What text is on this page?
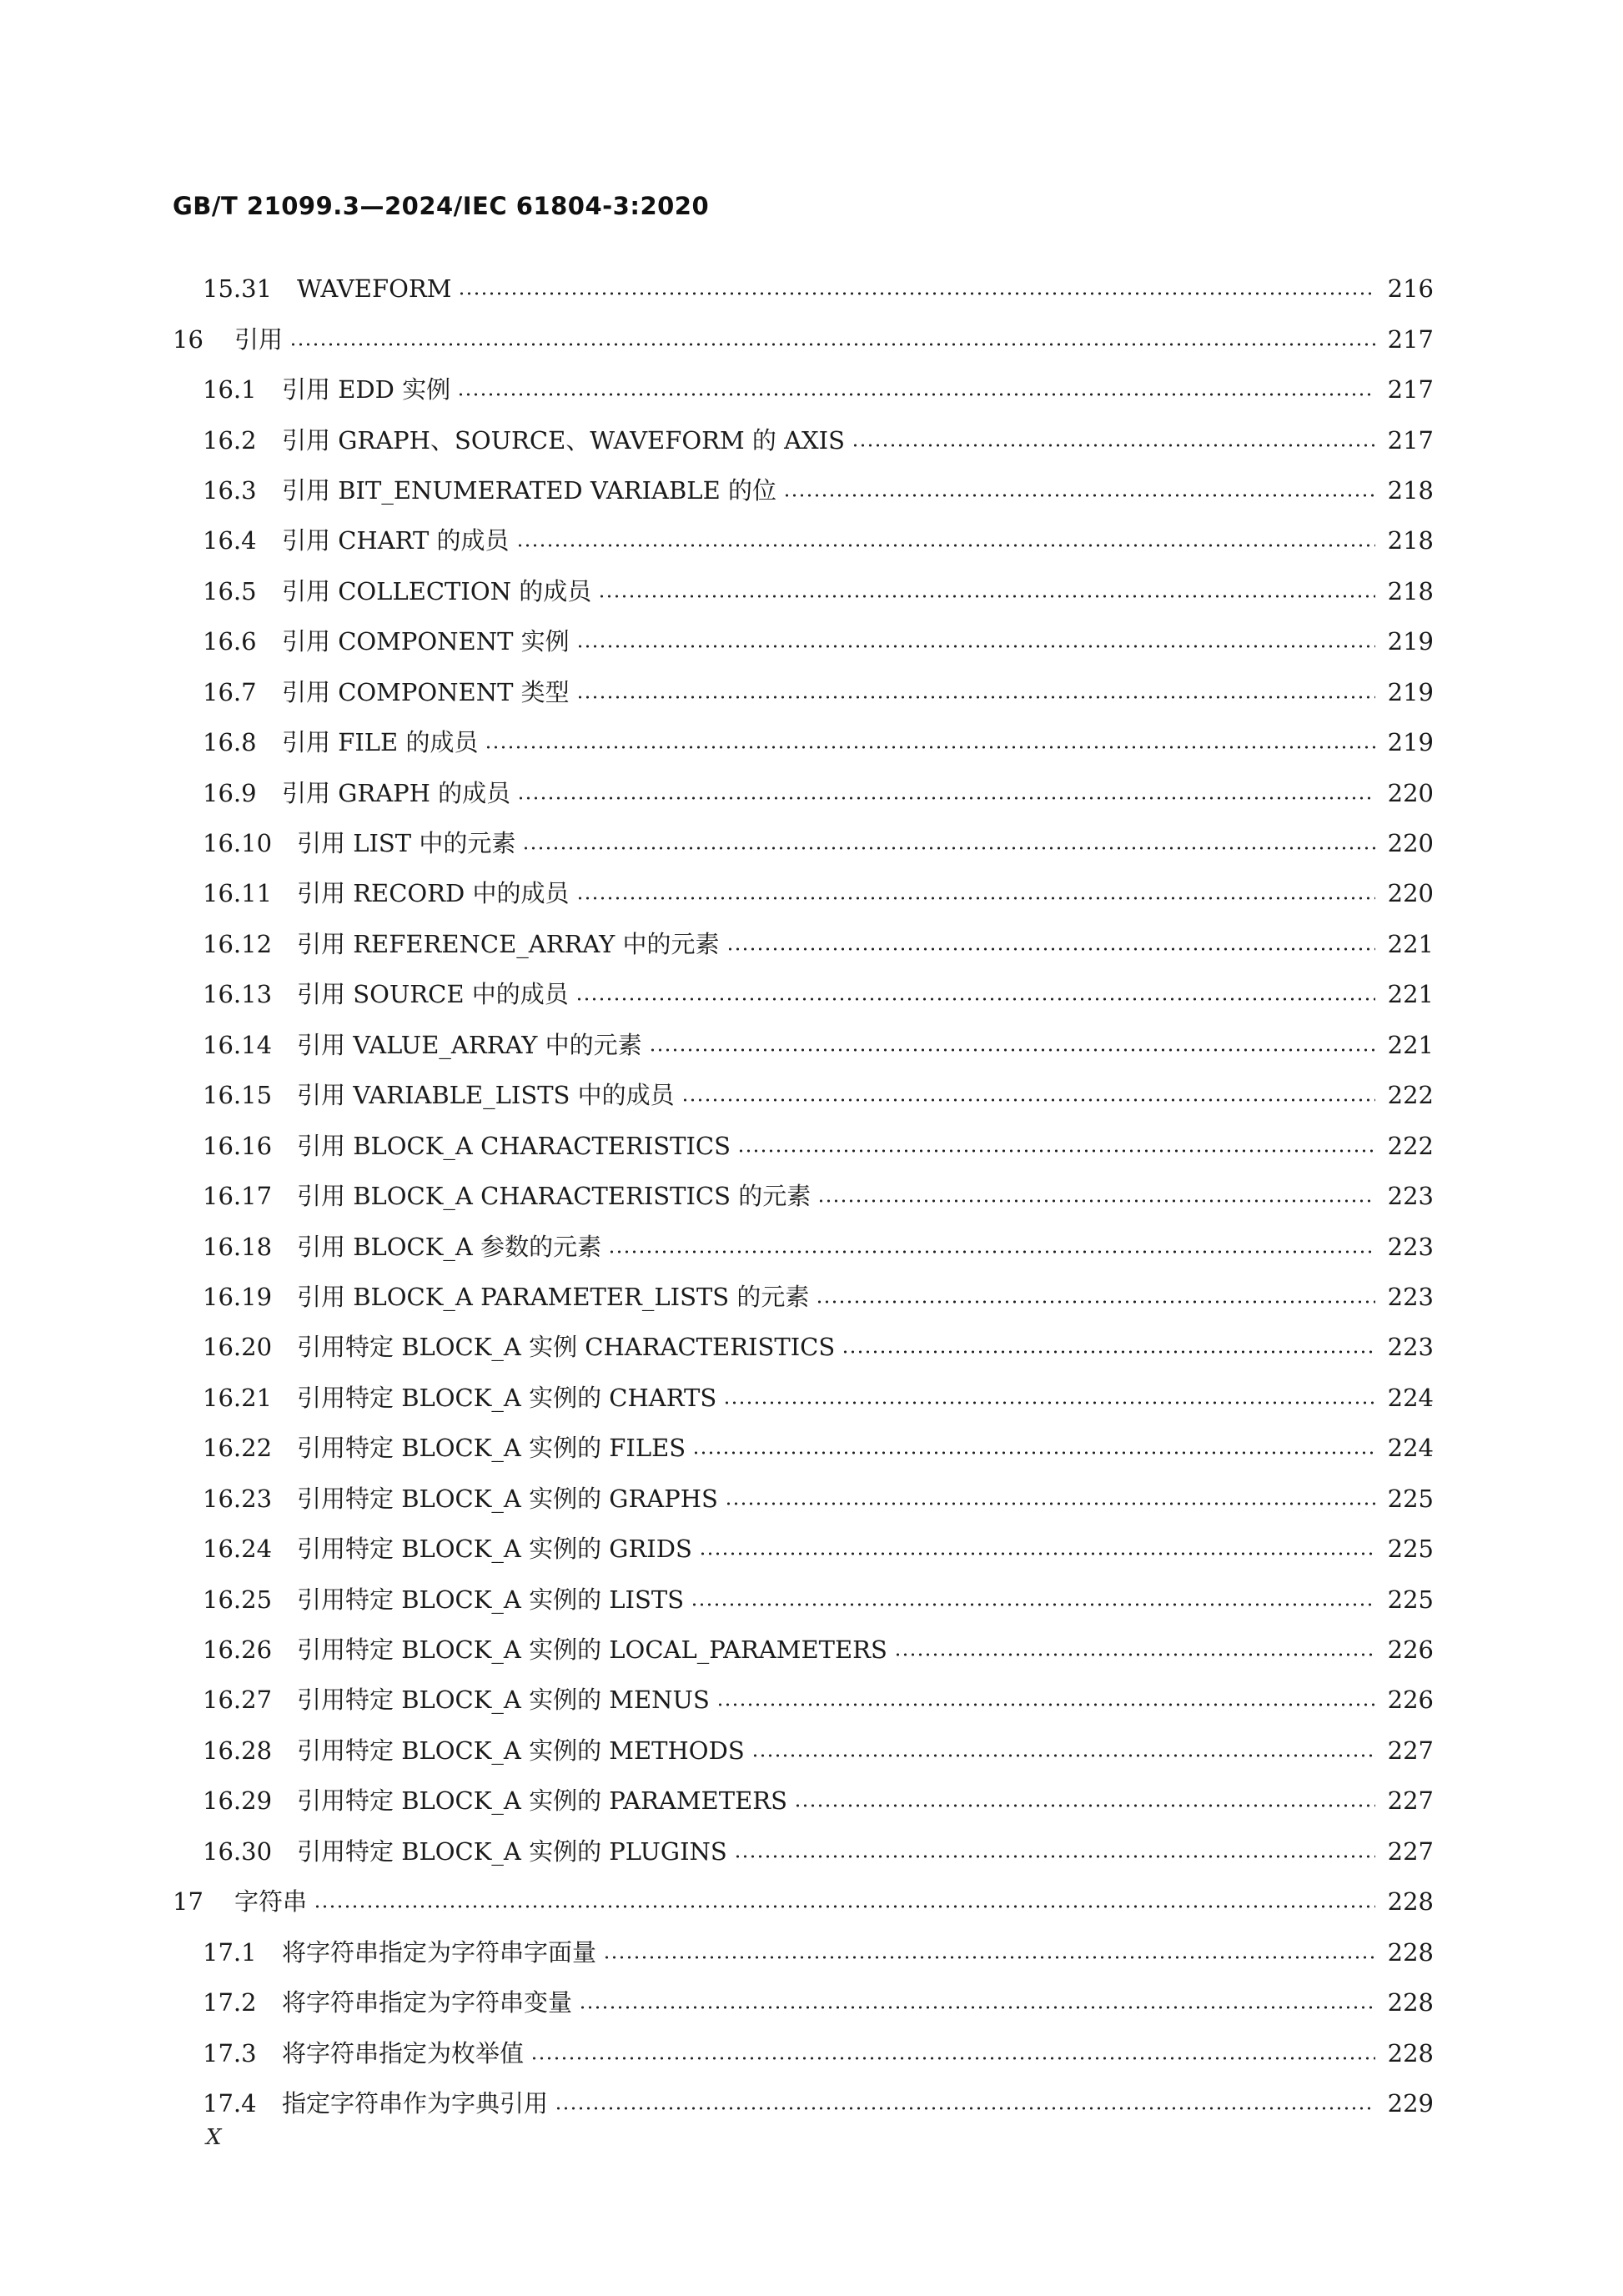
GB/T 21099.3—2024/IEC 61804-3:2020
15.31	WAVEFORM	216
16	引用	217
16.1	引用 EDD 实例	217
16.2	引用 GRAPH、SOURCE、WAVEFORM 的 AXIS	217
16.3	引用 BIT_ENUMERATED VARIABLE 的位	218
16.4	引用 CHART 的成员	218
16.5	引用 COLLECTION 的成员	218
16.6	引用 COMPONENT 实例	219
16.7	引用 COMPONENT 类型	219
16.8	引用 FILE 的成员	219
16.9	引用 GRAPH 的成员	220
16.10	引用 LIST 中的元素	220
16.11	引用 RECORD 中的成员	220
16.12	引用 REFERENCE_ARRAY 中的元素	221
16.13	引用 SOURCE 中的成员	221
16.14	引用 VALUE_ARRAY 中的元素	221
16.15	引用 VARIABLE_LISTS 中的成员	222
16.16	引用 BLOCK_A CHARACTERISTICS	222
16.17	引用 BLOCK_A CHARACTERISTICS 的元素	223
16.18	引用 BLOCK_A 参数的元素	223
16.19	引用 BLOCK_A PARAMETER_LISTS 的元素	223
16.20	引用特定 BLOCK_A 实例 CHARACTERISTICS	223
16.21	引用特定 BLOCK_A 实例的 CHARTS	224
16.22	引用特定 BLOCK_A 实例的 FILES	224
16.23	引用特定 BLOCK_A 实例的 GRAPHS	225
16.24	引用特定 BLOCK_A 实例的 GRIDS	225
16.25	引用特定 BLOCK_A 实例的 LISTS	225
16.26	引用特定 BLOCK_A 实例的 LOCAL_PARAMETERS	226
16.27	引用特定 BLOCK_A 实例的 MENUS	226
16.28	引用特定 BLOCK_A 实例的 METHODS	227
16.29	引用特定 BLOCK_A 实例的 PARAMETERS	227
16.30	引用特定 BLOCK_A 实例的 PLUGINS	227
17	字符串	228
17.1	将字符串指定为字符串字面量	228
17.2	将字符串指定为字符串变量	228
17.3	将字符串指定为枚举值	228
17.4	指定字符串作为字典引用	229
X
